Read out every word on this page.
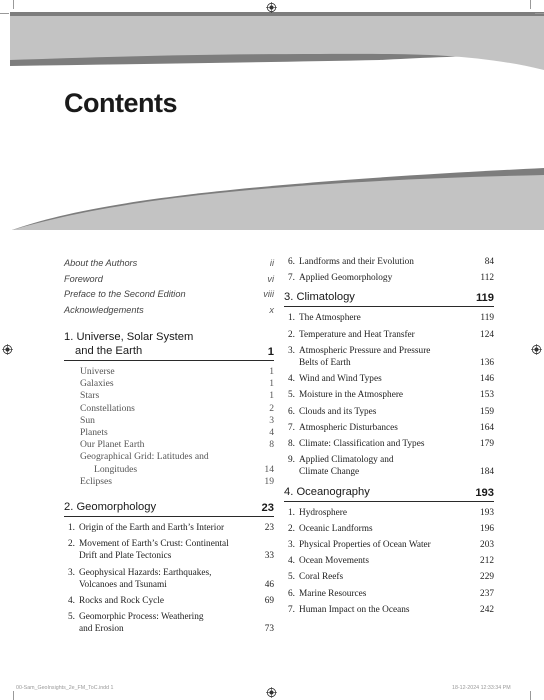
Contents
About the Authors	ii
Foreword	vi
Preface to the Second Edition	viii
Acknowledgements	x
1. Universe, Solar System
and the Earth	1
Universe	1
Galaxies	1
Stars	1
Constellations	2
Sun	3
Planets	4
Our Planet Earth	8
Geographical Grid: Latitudes and
Longitudes	14
Eclipses	19
2. Geomorphology	23
1. Origin of the Earth and Earth’s Interior	23
2. Movement of Earth’s Crust: Continental
Drift and Plate Tectonics	33
3. Geophysical Hazards: Earthquakes,
Volcanoes and Tsunami	46
4. Rocks and Rock Cycle	69
5. Geomorphic Process: Weathering
and Erosion	73
6. Landforms and their Evolution	84
7. Applied Geomorphology	112
3. Climatology	119
1. The Atmosphere	119
2. Temperature and Heat Transfer	124
3. Atmospheric Pressure and Pressure
Belts of Earth	136
4. Wind and Wind Types	146
5. Moisture in the Atmosphere	153
6. Clouds and its Types	159
7. Atmospheric Disturbances	164
8. Climate: Classification and Types	179
9. Applied Climatology and
Climate Change	184
4. Oceanography	193
1. Hydrosphere	193
2. Oceanic Landforms	196
3. Physical Properties of Ocean Water	203
4. Ocean Movements	212
5. Coral Reefs	229
6. Marine Resources	237
7. Human Impact on the Oceans	242
00-Sam_GeoInsights_2e_FM_ToC.indd 1	18-12-2024 12:33:34 PM
